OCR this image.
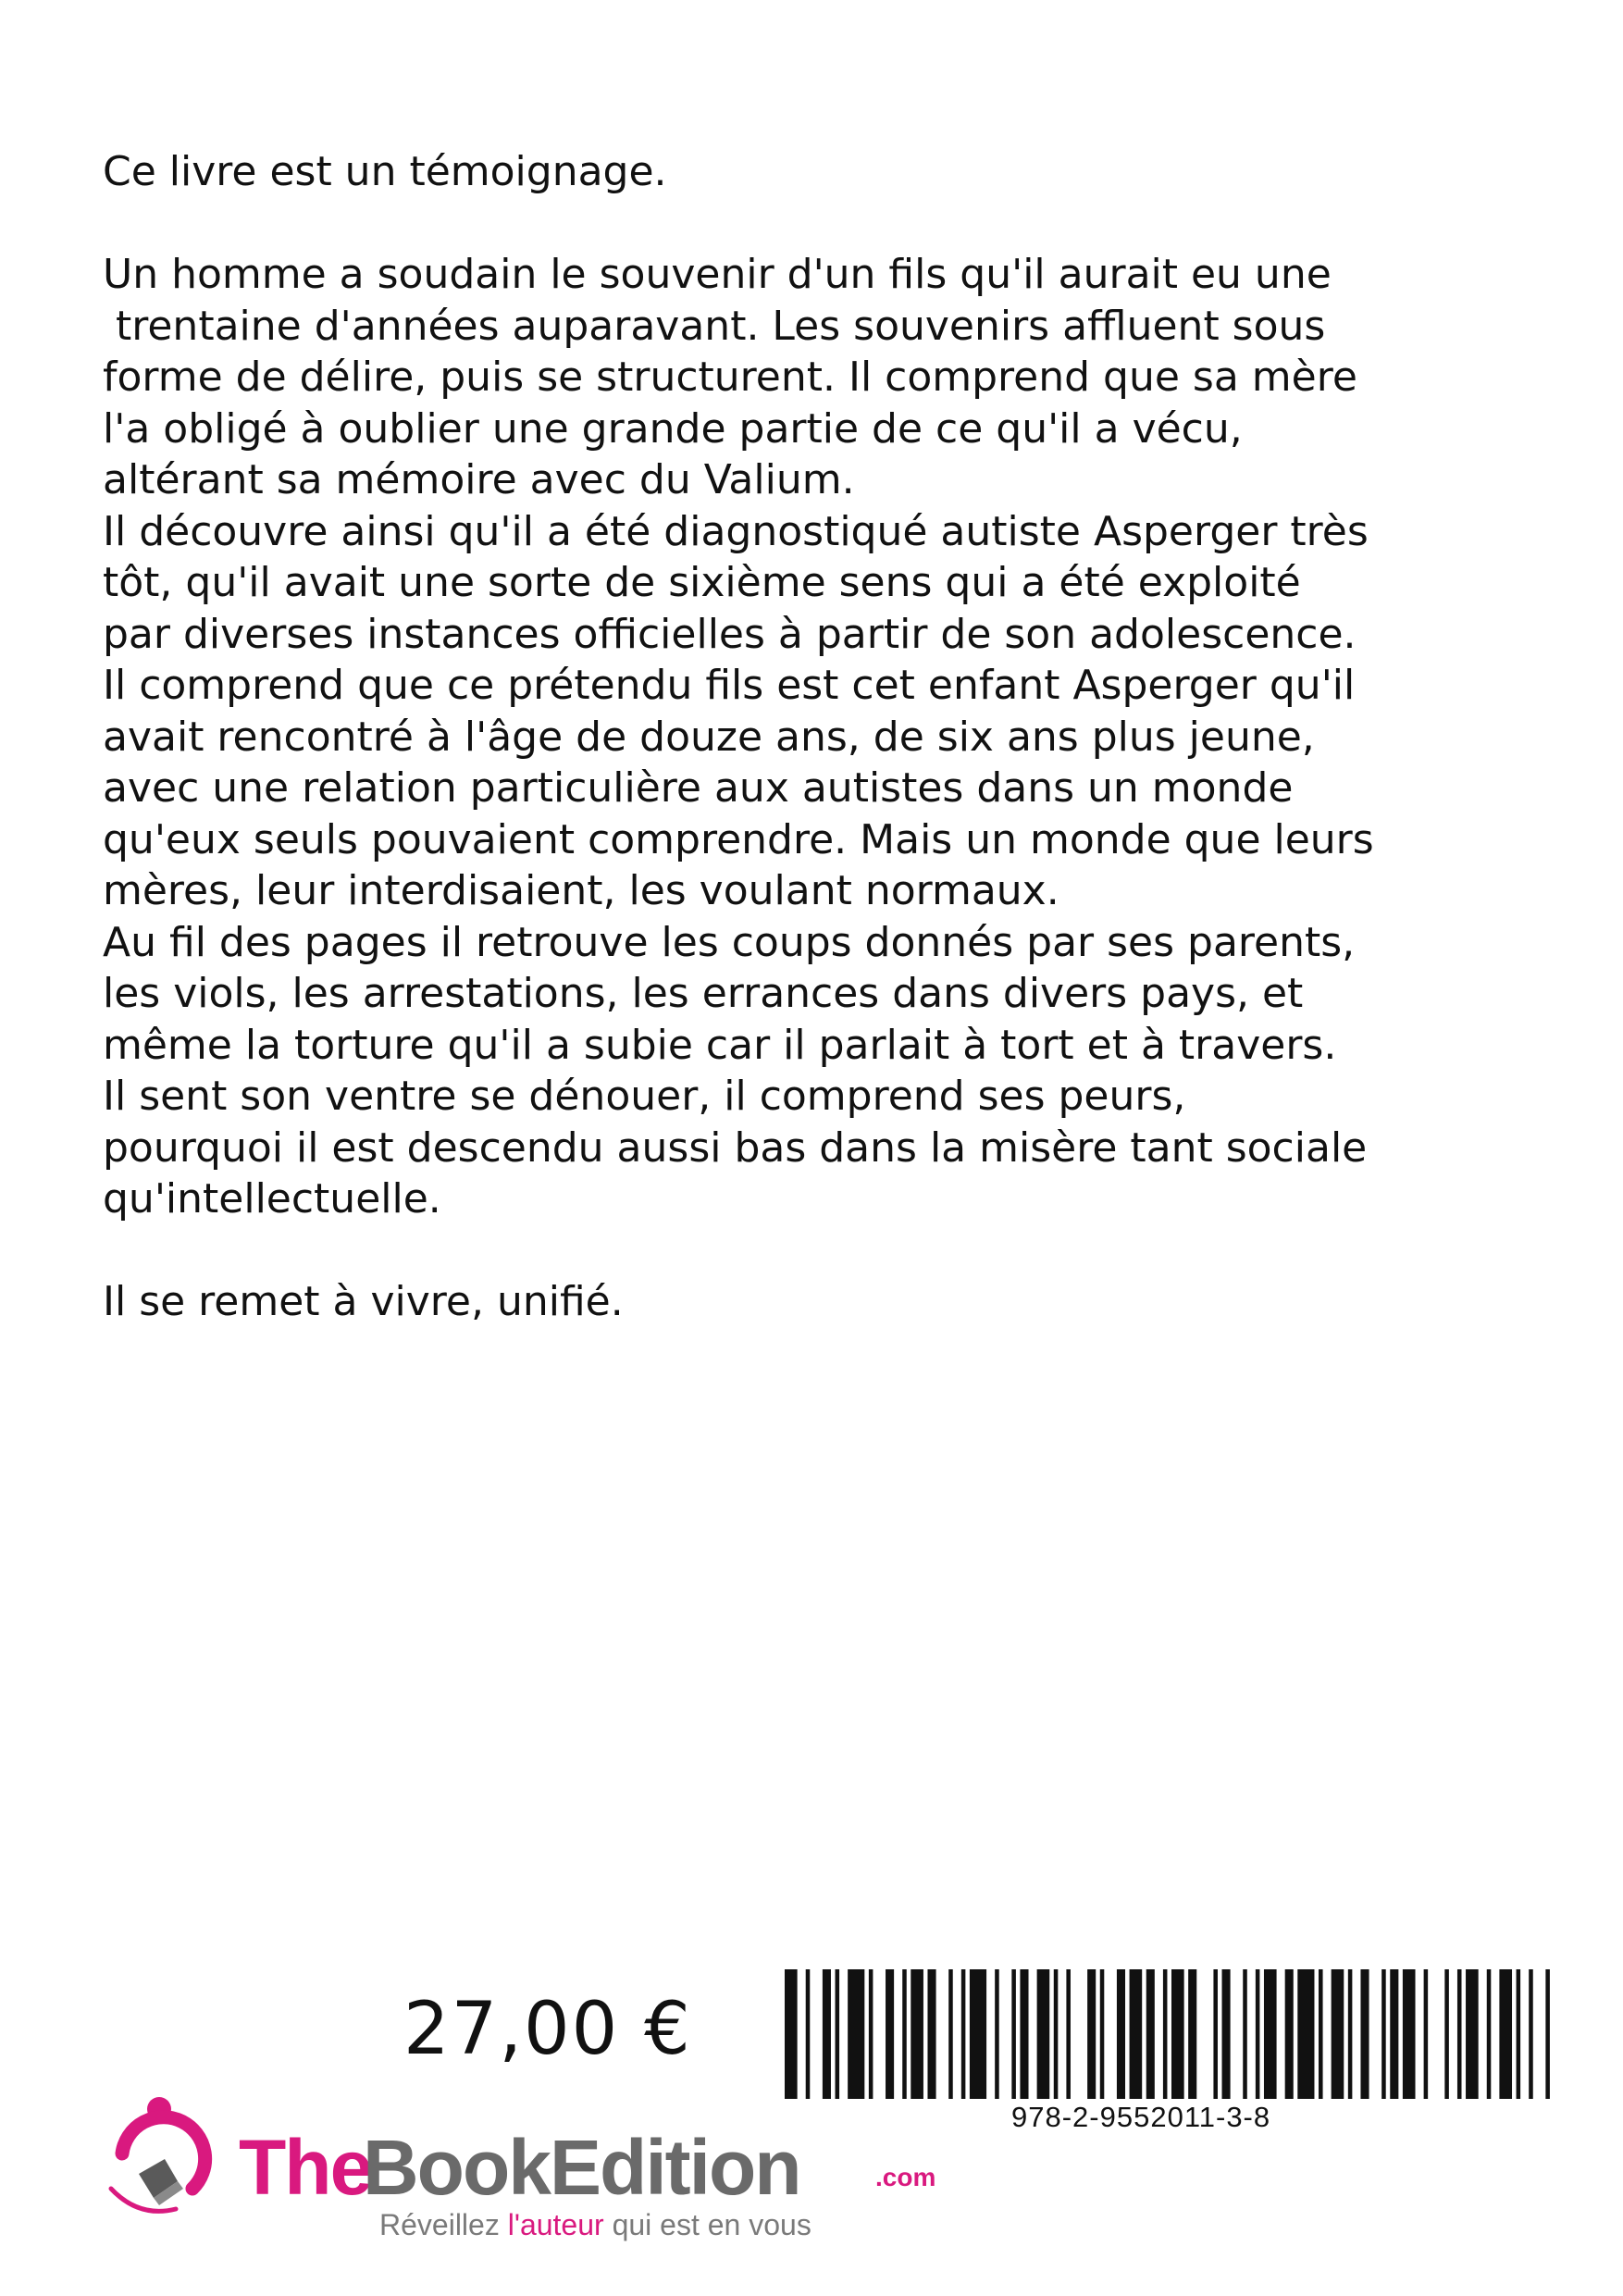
Ce livre est un témoignage.
Un homme a soudain le souvenir d'un fils qu'il aurait eu une
trentaine d'années auparavant. Les souvenirs affluent sous
forme de délire, puis se structurent. Il comprend que sa mère
l'a obligé à oublier une grande partie de ce qu'il a vécu,
altérant sa mémoire avec du Valium.
Il découvre ainsi qu'il a été diagnostiqué autiste Asperger très
tôt, qu'il avait une sorte de sixième sens qui a été exploité
par diverses instances officielles à partir de son adolescence.
Il comprend que ce prétendu fils est cet enfant Asperger qu'il
avait rencontré à l'âge de douze ans, de six ans plus jeune,
avec une relation particulière aux autistes dans un monde
qu'eux seuls pouvaient comprendre. Mais un monde que leurs
mères, leur interdisaient, les voulant normaux.
Au fil des pages il retrouve les coups donnés par ses parents,
les viols, les arrestations, les errances dans divers pays, et
même la torture qu'il a subie car il parlait à tort et à travers.
Il sent son ventre se dénouer, il comprend ses peurs,
pourquoi il est descendu aussi bas dans la misère tant sociale
qu'intellectuelle.
Il se remet à vivre, unifié.
27,00 €
978-2-9552011-3-8
The
BookEdition	.com
Réveillez l'auteur qui est en vous
